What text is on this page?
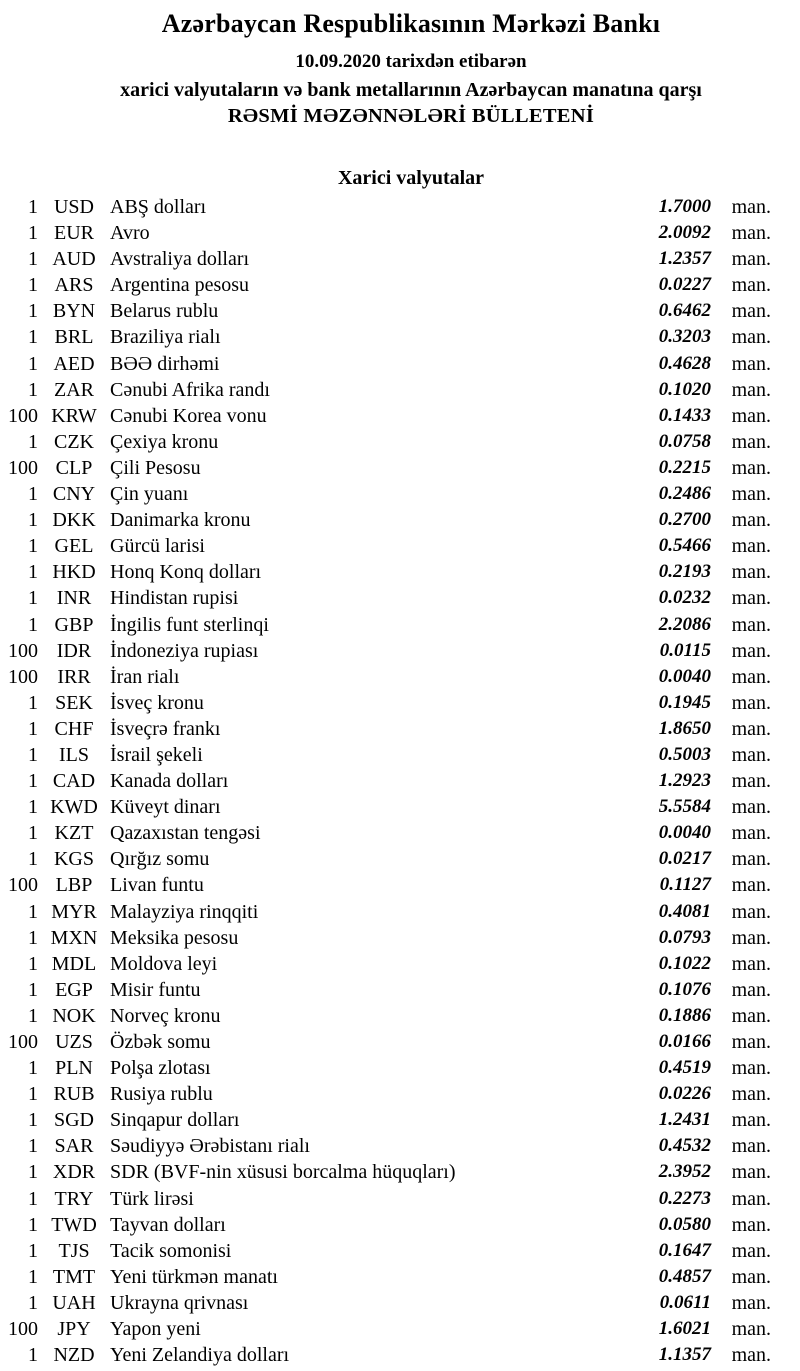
Azərbaycan Respublikasının Mərkəzi Bankı
10.09.2020 tarixdən etibarən
xarici valyutaların və bank metallarının Azərbaycan manatına qarşı
RƏSMİ MƏZƏNNƏLƏRİ BÜLLETENİ
Xarici valyutalar
1 USD ABŞ dolları	1.7000	man.
1 EUR Avro	2.0092	man.
1 AUD Avstraliya dolları	1.2357	man.
1 ARS Argentina pesosu	0.0227	man.
1 BYN Belarus rublu	0.6462	man.
1 BRL Braziliya rialı	0.3203	man.
1 AED BƏƏ dirhəmi	0.4628	man.
1 ZAR Cənubi Afrika randı	0.1020	man.
100 KRW Cənubi Korea vonu	0.1433	man.
1 CZK Çexiya kronu	0.0758	man.
100 CLP Çili Pesosu	0.2215	man.
1 CNY Çin yuanı	0.2486	man.
1 DKK Danimarka kronu	0.2700	man.
1 GEL Gürcü larisi	0.5466	man.
1 HKD Honq Konq dolları	0.2193	man.
1 INR Hindistan rupisi	0.0232	man.
1 GBP İngilis funt sterlinqi	2.2086	man.
100 IDR İndoneziya rupiası	0.0115	man.
100 IRR İran rialı	0.0040	man.
1 SEK İsveç kronu	0.1945	man.
1 CHF İsveçrə frankı	1.8650	man.
1	ILS	İsrail şekeli	0.5003	man.
1 CAD Kanada dolları	1.2923	man.
1 KWD Küveyt dinarı	5.5584	man.
1 KZT Qazaxıstan tengəsi	0.0040	man.
1 KGS Qırğız somu	0.0217	man.
100 LBP Livan funtu	0.1127	man.
1 MYR Malayziya rinqqiti	0.4081	man.
1 MXN Meksika pesosu	0.0793	man.
1 MDL Moldova leyi	0.1022	man.
1 EGP Misir funtu	0.1076	man.
1 NOK Norveç kronu	0.1886	man.
100 UZS Özbək somu	0.0166	man.
1 PLN Polşa zlotası	0.4519	man.
1 RUB Rusiya rublu	0.0226	man.
1 SGD Sinqapur dolları	1.2431	man.
1 SAR Səudiyyə Ərəbistanı rialı	0.4532	man.
1 XDR SDR (BVF-nin xüsusi borcalma hüquqları)	2.3952	man.
1 TRY Türk lirəsi	0.2273	man.
1 TWD Tayvan dolları	0.0580	man.
1	TJS	Tacik somonisi	0.1647	man.
1 TMT Yeni türkmən manatı	0.4857	man.
1 UAH Ukrayna qrivnası	0.0611	man.
100 JPY Yapon yeni	1.6021	man.
1 NZD Yeni Zelandiya dolları	1.1357	man.
